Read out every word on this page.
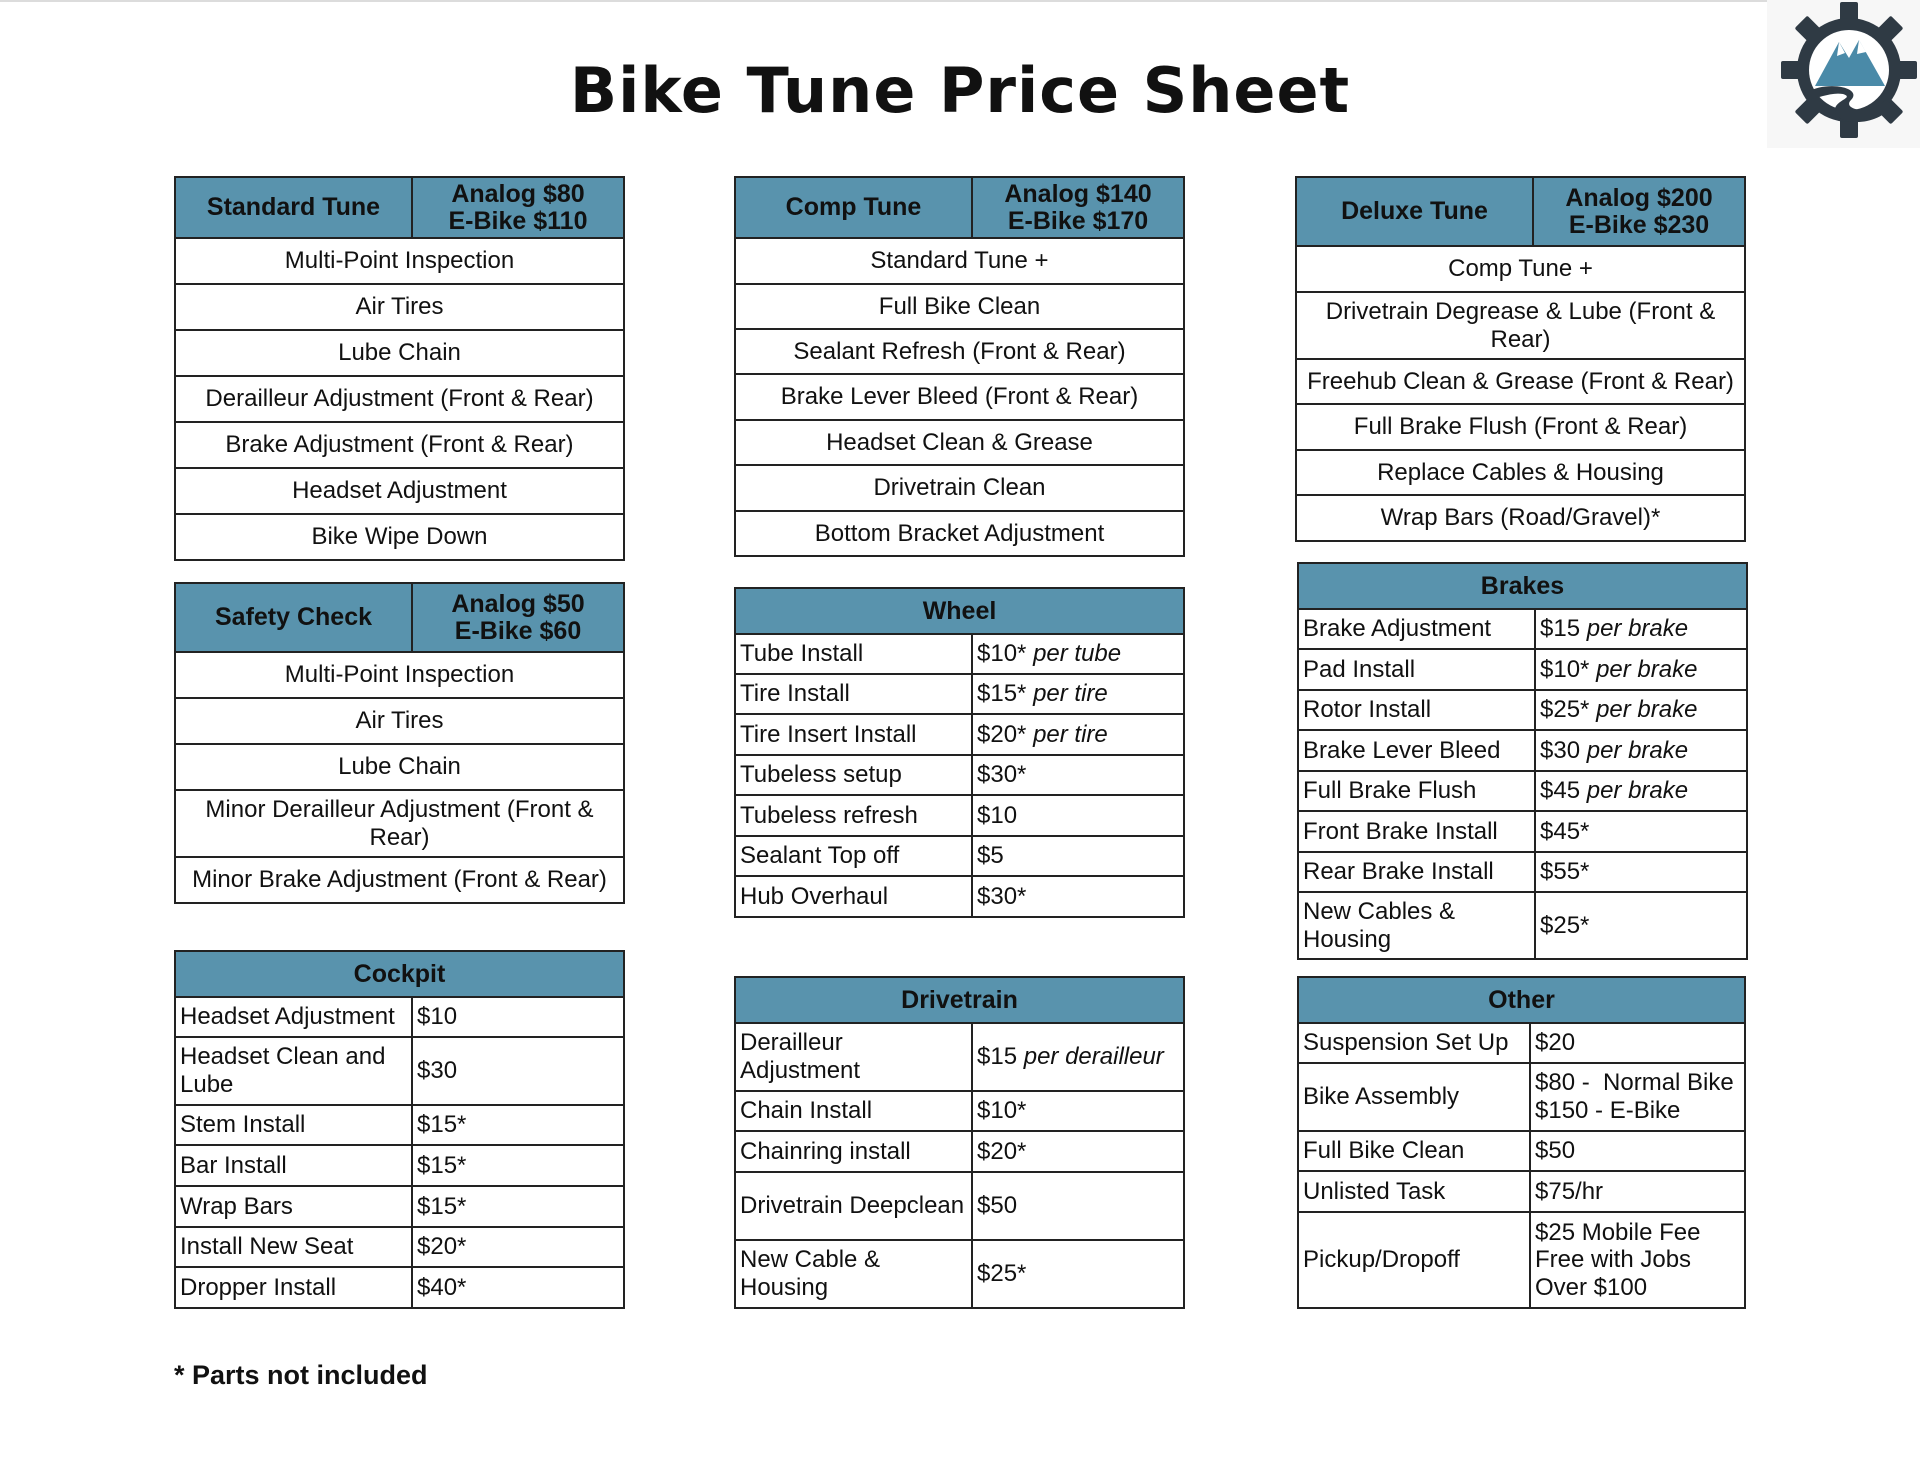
Bike Tune Price Sheet
Standard Tune	Analog $80
E-Bike $110
Multi-Point Inspection
Air Tires
Lube Chain
Derailleur Adjustment (Front & Rear)
Brake Adjustment (Front & Rear)
Headset Adjustment
Bike Wipe Down
Safety Check	Analog $50
E-Bike $60
Multi-Point Inspection
Air Tires
Lube Chain
Minor Derailleur Adjustment (Front & Rear)
Minor Brake Adjustment (Front & Rear)
Cockpit	
Headset Adjustment	$10
Headset Clean and Lube	$30
Stem Install	$15*
Bar Install	$15*
Wrap Bars	$15*
Install New Seat	$20*
Dropper Install	$40*
Comp Tune	Analog $140
E-Bike $170
Standard Tune +
Full Bike Clean
Sealant Refresh (Front & Rear)
Brake Lever Bleed (Front & Rear)
Headset Clean & Grease
Drivetrain Clean
Bottom Bracket Adjustment
Wheel	
Tube Install	$10* per tube
Tire Install	$15* per tire
Tire Insert Install	$20* per tire
Tubeless setup	$30*
Tubeless refresh	$10
Sealant Top off	$5
Hub Overhaul	$30*
Drivetrain	
Derailleur Adjustment	$15 per derailleur
Chain Install	$10*
Chainring install	$20*
Drivetrain Deepclean	$50
New Cable & Housing	$25*
Deluxe Tune	Analog $200
E-Bike $230
Comp Tune +
Drivetrain Degrease & Lube (Front & Rear)
Freehub Clean & Grease (Front & Rear)
Full Brake Flush (Front & Rear)
Replace Cables & Housing
Wrap Bars (Road/Gravel)*
Brakes	
Brake Adjustment	$15 per brake
Pad Install	$10* per brake
Rotor Install	$25* per brake
Brake Lever Bleed	$30 per brake
Full Brake Flush	$45 per brake
Front Brake Install	$45*
Rear Brake Install	$55*
New Cables & Housing	$25*
Other	
Suspension Set Up	$20
Bike Assembly	$80 -  Normal Bike
$150 - E-Bike
Full Bike Clean	$50
Unlisted Task	$75/hr
Pickup/Dropoff	$25 Mobile Fee
Free with Jobs
Over $100
* Parts not included
